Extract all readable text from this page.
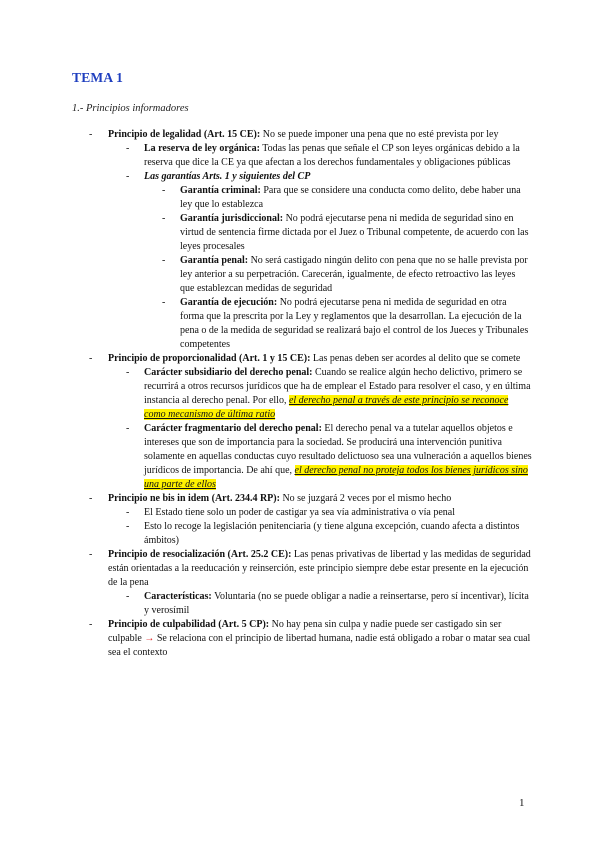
TEMA 1
1.- Principios informadores
- Principio de legalidad (Art. 15 CE): No se puede imponer una pena que no esté prevista por ley
- La reserva de ley orgánica: Todas las penas que señale el CP son leyes orgánicas debido a la reserva que dice la CE ya que afectan a los derechos fundamentales y obligaciones públicas
- Las garantías Arts. 1 y siguientes del CP
- Garantía criminal: Para que se considere una conducta como delito, debe haber una ley que lo establezca
- Garantía jurisdiccional: No podrá ejecutarse pena ni medida de seguridad sino en virtud de sentencia firme dictada por el Juez o Tribunal competente, de acuerdo con las leyes procesales
- Garantía penal: No será castigado ningún delito con pena que no se halle prevista por ley anterior a su perpetración. Carecerán, igualmente, de efecto retroactivo las leyes que establezcan medidas de seguridad
- Garantía de ejecución: No podrá ejecutarse pena ni medida de seguridad en otra forma que la prescrita por la Ley y reglamentos que la desarrollan. La ejecución de la pena o de la medida de seguridad se realizará bajo el control de los Jueces y Tribunales competentes
- Principio de proporcionalidad (Art. 1 y 15 CE): Las penas deben ser acordes al delito que se comete
- Carácter subsidiario del derecho penal: Cuando se realice algún hecho delictivo, primero se recurrirá a otros recursos jurídicos que ha de emplear el Estado para resolver el caso, y en última instancia al derecho penal. Por ello, el derecho penal a través de este principio se reconoce como mecanismo de última ratio
- Carácter fragmentario del derecho penal: El derecho penal va a tutelar aquellos objetos e intereses que son de importancia para la sociedad. Se producirá una intervención punitiva solamente en aquellas conductas cuyo resultado delictuoso sea una vulneración a aquellos bienes jurídicos de importancia. De ahí que, el derecho penal no proteja todos los bienes jurídicos sino una parte de ellos
- Principio ne bis in idem (Art. 234.4 RP): No se juzgará 2 veces por el mismo hecho
- El Estado tiene solo un poder de castigar ya sea vía administrativa o vía penal
- Esto lo recoge la legislación penitenciaria (y tiene alguna excepción, cuando afecta a distintos ámbitos)
- Principio de resocialización (Art. 25.2 CE): Las penas privativas de libertad y las medidas de seguridad están orientadas a la reeducación y reinserción, este principio siempre debe estar presente en la ejecución de la pena
- Características: Voluntaria (no se puede obligar a nadie a reinsertarse, pero sí incentivar), lícita y verosímil
- Principio de culpabilidad (Art. 5 CP): No hay pena sin culpa y nadie puede ser castigado sin ser culpable → Se relaciona con el principio de libertad humana, nadie está obligado a robar o matar sea cual sea el contexto
1
